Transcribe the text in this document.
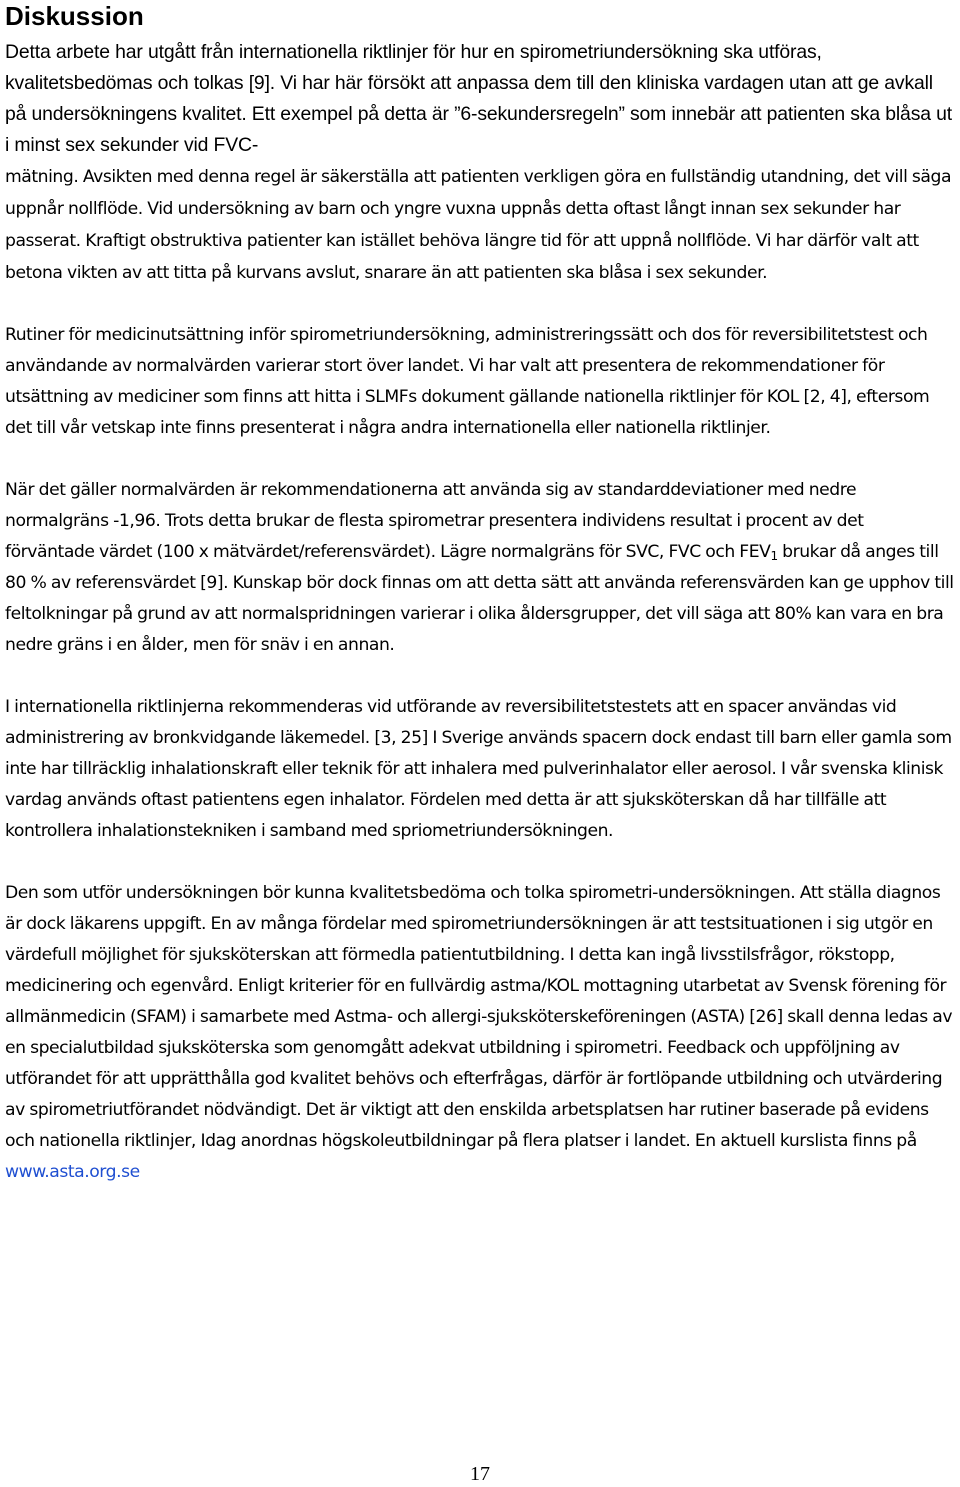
Diskussion

Detta arbete har utgått från internationella riktlinjer för hur en spirometriundersökning ska utföras, kvalitetsbedömas och tolkas [9]. Vi har här försökt att anpassa dem till den kliniska vardagen utan att ge avkall på undersökningens kvalitet. Ett exempel på detta är ”6-sekundersregeln” som innebär att patienten ska blåsa ut i minst sex sekunder vid FVC-
mätning. Avsikten med denna regel är säkerställa att patienten verkligen göra en fullständig utandning, det vill säga uppnår nollflöde. Vid undersökning av barn och yngre vuxna uppnås detta oftast långt innan sex sekunder har passerat. Kraftigt obstruktiva patienter kan istället behöva längre tid för att uppnå nollflöde. Vi har därför valt att betona vikten av att titta på kurvans avslut, snarare än att patienten ska blåsa i sex sekunder.

Rutiner för medicinutsättning inför spirometriundersökning, administreringssätt och dos för reversibilitetstest och användande av normalvärden varierar stort över landet. Vi har valt att presentera de rekommendationer för utsättning av mediciner som finns att hitta i SLMFs dokument gällande nationella riktlinjer för KOL [2, 4], eftersom det till vår vetskap inte finns presenterat i några andra internationella eller nationella riktlinjer.

När det gäller normalvärden är rekommendationerna att använda sig av standarddeviationer med nedre normalgräns -1,96. Trots detta brukar de flesta spirometrar presentera individens resultat i procent av det förväntade värdet (100 x mätvärdet/referensvärdet). Lägre normalgräns för SVC, FVC och $FEV_1$ brukar då anges till 80 % av referensvärdet [9]. Kunskap bör dock finnas om att detta sätt att använda referensvärden kan ge upphov till feltolkningar på grund av att normalspridningen varierar i olika åldersgrupper, det vill säga att 80% kan vara en bra nedre gräns i en ålder, men för snäv i en annan.

I internationella riktlinjerna rekommenderas vid utförande av reversibilitetstestets att en spacer användas vid administrering av bronkvidgande läkemedel. [3, 25] I Sverige används spacern dock endast till barn eller gamla som inte har tillräcklig inhalationskraft eller teknik för att inhalera med pulverinhalator eller aerosol. I vår svenska klinisk vardag används oftast patientens egen inhalator. Fördelen med detta är att sjuksköterskan då har tillfälle att kontrollera inhalationstekniken i samband med spriometriundersökningen.

Den som utför undersökningen bör kunna kvalitetsbedöma och tolka spirometri-undersökningen. Att ställa diagnos är dock läkarens uppgift. En av många fördelar med spirometriundersökningen är att testsituationen i sig utgör en värdefull möjlighet för sjuksköterskan att förmedla patientutbildning. I detta kan ingå livsstilsfrågor, rökstopp, medicinering och egenvård. Enligt kriterier för en fullvärdig astma/KOL mottagning utarbetat av Svensk förening för allmänmedicin (SFAM) i samarbete med Astma- och allergi-sjuksköterskeföreningen (ASTA) [26] skall denna ledas av en specialutbildad sjuksköterska som genomgått adekvat utbildning i spirometri. Feedback och uppföljning av utförandet för att upprätthålla god kvalitet behövs och efterfrågas, därför är fortlöpande utbildning och utvärdering av spirometriutförandet nödvändigt. Det är viktigt att den enskilda arbetsplatsen har rutiner baserade på evidens och nationella riktlinjer, Idag anordnas högskoleutbildningar på flera platser i landet. En aktuell kurslista finns på www.asta.org.se

17
